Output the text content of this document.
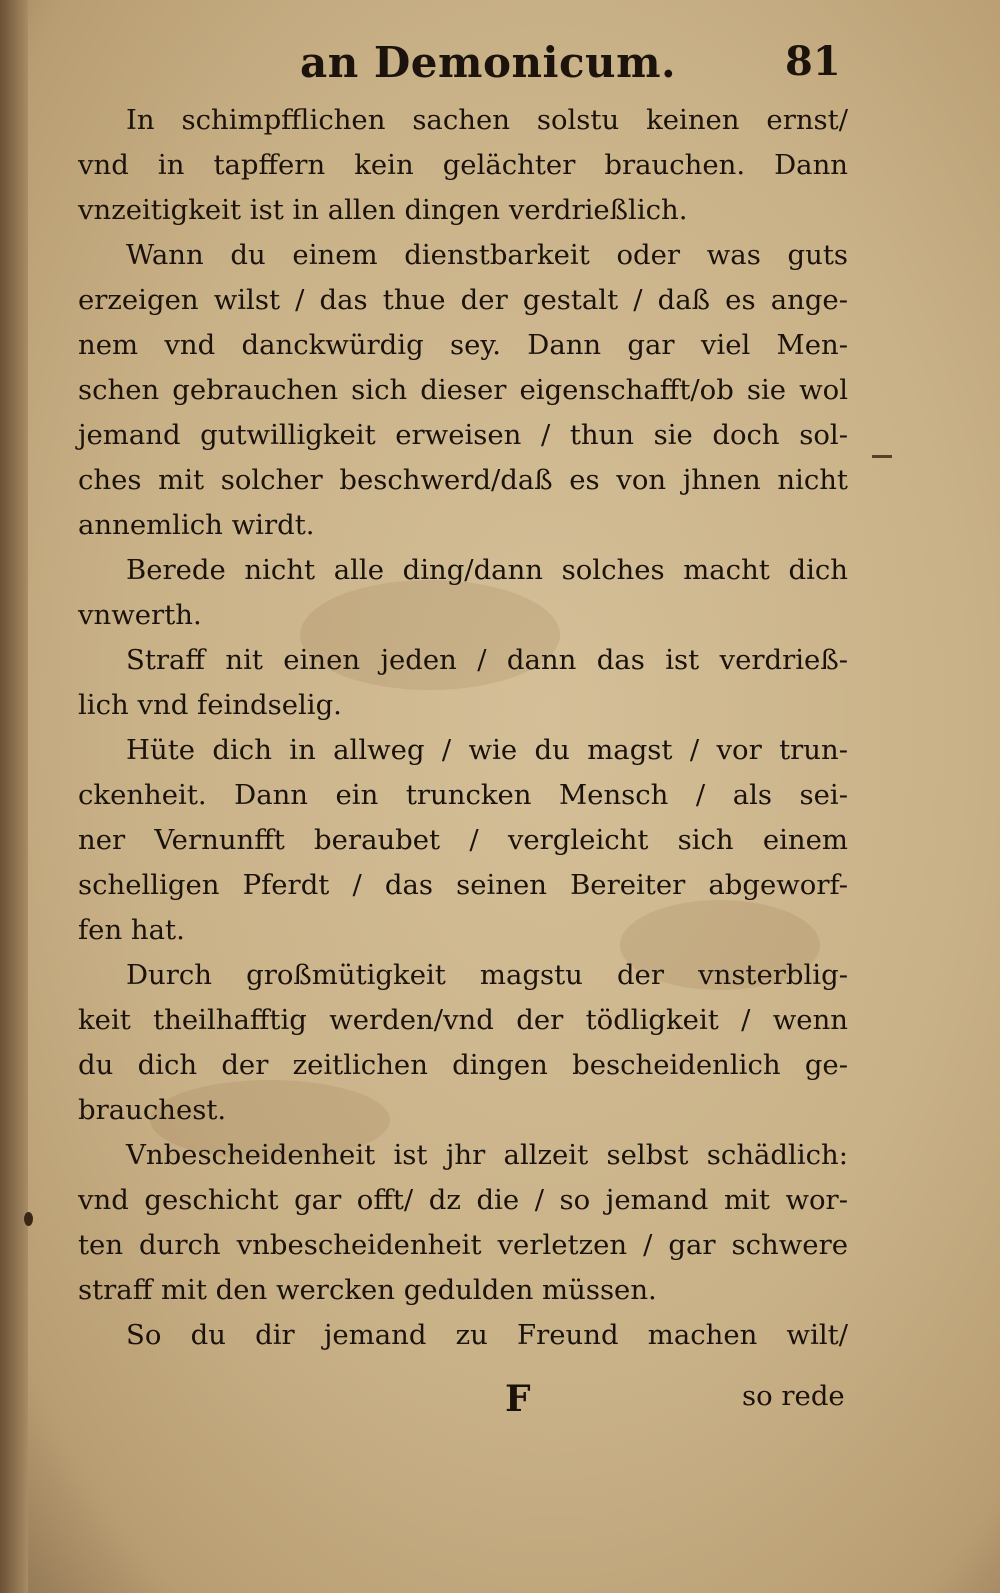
an Demonicum.	81
In schimpfflichen sachen solstu keinen ernst/
vnd in tapffern kein gelächter brauchen. Dann
vnzeitigkeit ist in allen dingen verdrießlich.
Wann du einem dienstbarkeit oder was guts
erzeigen wilst / das thue der gestalt / daß es ange-
nem vnd danckwürdig sey. Dann gar viel Men-
schen gebrauchen sich dieser eigenschafft/ob sie wol
jemand gutwilligkeit erweisen / thun sie doch sol-
ches mit solcher beschwerd/daß es von jhnen nicht
annemlich wirdt.
Berede nicht alle ding/dann solches macht dich
vnwerth.
Straff nit einen jeden / dann das ist verdrieß-
lich vnd feindselig.
Hüte dich in allweg / wie du magst / vor trun-
ckenheit. Dann ein truncken Mensch / als sei-
ner Vernunfft beraubet / vergleicht sich einem
schelligen Pferdt / das seinen Bereiter abgeworf-
fen hat.
Durch großmütigkeit magstu der vnsterblig-
keit theilhafftig werden/vnd der tödligkeit / wenn
du dich der zeitlichen dingen bescheidenlich ge-
brauchest.
Vnbescheidenheit ist jhr allzeit selbst schädlich:
vnd geschicht gar offt/ dz die / so jemand mit wor-
ten durch vnbescheidenheit verletzen / gar schwere
straff mit den wercken gedulden müssen.
So du dir jemand zu Freund machen wilt/
F	so rede
